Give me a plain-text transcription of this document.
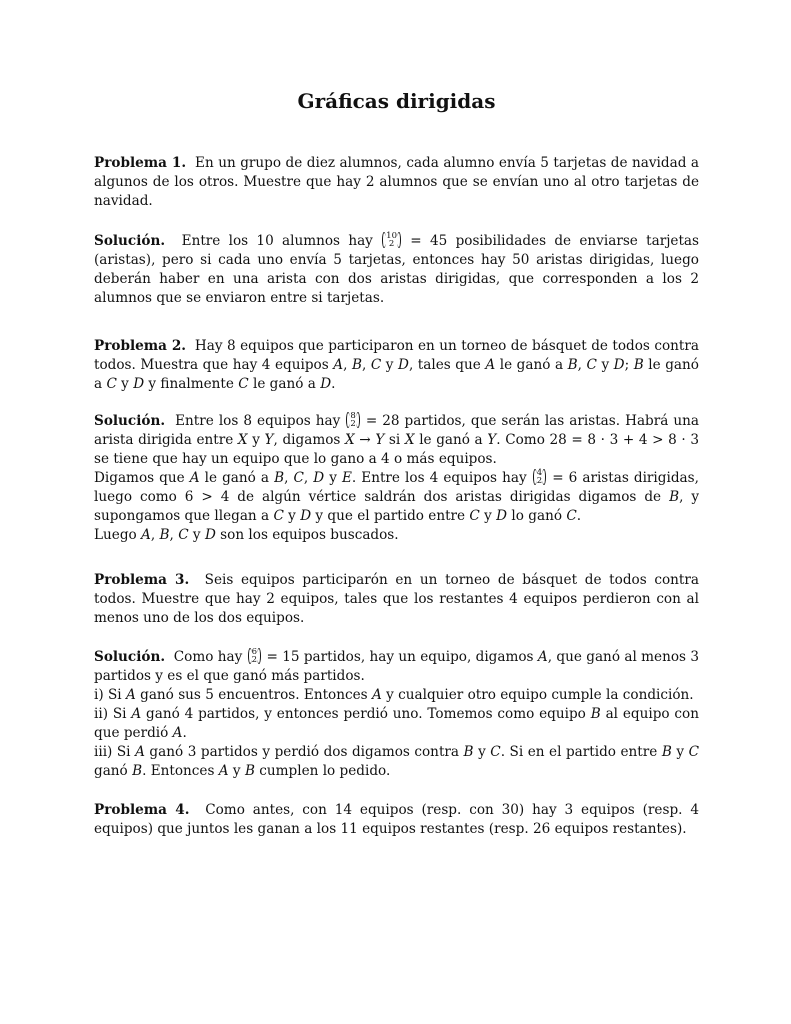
Gráficas dirigidas

Problema 1. En un grupo de diez alumnos, cada alumno envía 5 tarjetas de navidad a algunos de los otros. Muestre que hay 2 alumnos que se envían uno al otro tarjetas de navidad.

Solución. Entre los 10 alumnos hay 10
2 = 45 posibilidades de enviarse tarjetas (aristas), pero si cada uno envía 5 tarjetas, entonces hay 50 aristas dirigidas, luego deberán haber en una arista con dos aristas dirigidas, que corresponden a los 2 alumnos que se enviaron entre si tarjetas.

Problema 2. Hay 8 equipos que participaron en un torneo de básquet de todos contra todos. Muestra que hay 4 equipos A, B, C y D, tales que A le ganó a B, C y D; B le ganó a C y D y finalmente C le ganó a D.

Solución. Entre los 8 equipos hay 8
2 = 28 partidos, que serán las aristas. Habrá una arista dirigida entre X y Y, digamos X → Y si X le ganó a Y. Como 28 = 8 · 3 + 4 > 8 · 3 se tiene que hay un equipo que lo gano a 4 o más equipos.
Digamos que A le ganó a B, C, D y E. Entre los 4 equipos hay 4
2 = 6 aristas dirigidas, luego como 6 > 4 de algún vértice saldrán dos aristas dirigidas digamos de B, y supongamos que llegan a C y D y que el partido entre C y D lo ganó C.
Luego A, B, C y D son los equipos buscados.

Problema 3. Seis equipos participarón en un torneo de básquet de todos contra todos. Muestre que hay 2 equipos, tales que los restantes 4 equipos perdieron con al menos uno de los dos equipos.

Solución. Como hay 6
2 = 15 partidos, hay un equipo, digamos A, que ganó al menos 3 partidos y es el que ganó más partidos.
i) Si A ganó sus 5 encuentros. Entonces A y cualquier otro equipo cumple la condición.
ii) Si A ganó 4 partidos, y entonces perdió uno. Tomemos como equipo B al equipo con que perdió A.
iii) Si A ganó 3 partidos y perdió dos digamos contra B y C. Si en el partido entre B y C ganó B. Entonces A y B cumplen lo pedido.

Problema 4. Como antes, con 14 equipos (resp. con 30) hay 3 equipos (resp. 4 equipos) que juntos les ganan a los 11 equipos restantes (resp. 26 equipos restantes).
